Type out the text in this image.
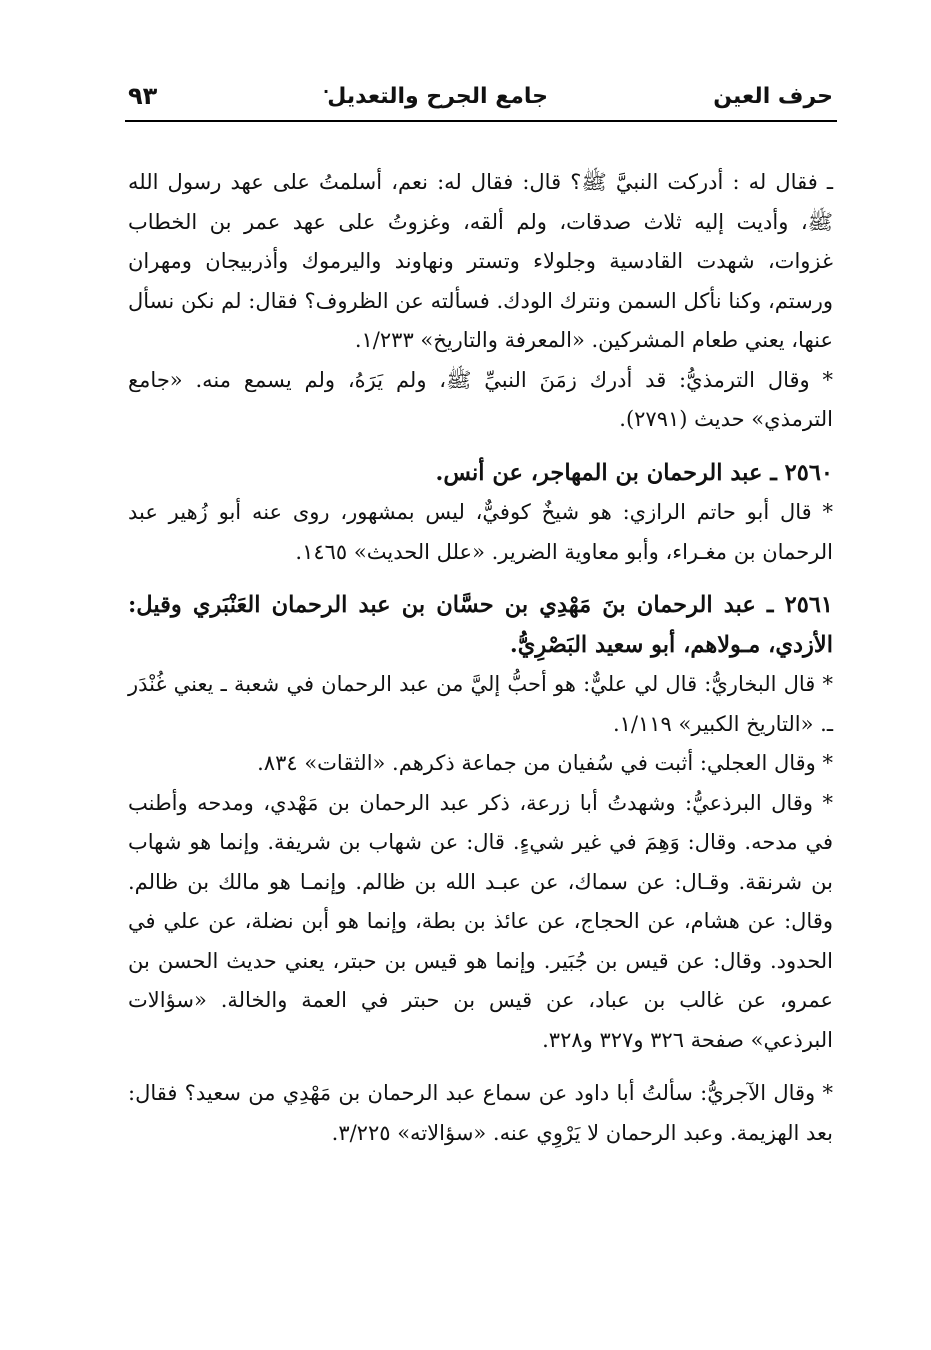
حرف العين
جامع الجرح والتعديل
.
٩٣

ـ فقال له : أدركت النبيَّ ﷺ؟ قال: فقال له: نعم، أسلمتُ على عهد رسول الله ﷺ، وأديت إليه ثلاث صدقات، ولم ألقه، وغزوتُ على عهد عمر بن الخطاب غزوات، شهدت القادسية وجلولاء وتستر ونهاوند واليرموك وأذربيجان ومهران ورستم، وكنا نأكل السمن ونترك الودك. فسألته عن الظروف؟ فقال: لم نكن نسأل عنها، يعني طعام المشركين. «المعرفة والتاريخ» ١/٢٣٣.

* وقال الترمذيُّ: قد أدرك زمَنَ النبيِّ ﷺ، ولم يَرَهُ، ولم يسمع منه. «جامع الترمذي» حديث (٢٧٩١).

٢٥٦٠ ـ عبد الرحمان بن المهاجر، عن أنس.

* قال أبو حاتم الرازي: هو شيخٌ كوفيٌّ، ليس بمشهور، روى عنه أبو زُهير عبد الرحمان بن مغـراء، وأبو معاوية الضرير. «علل الحديث» ١٤٦٥.

٢٥٦١ ـ عبد الرحمان بنَ مَهْدِي بن حسَّان بن عبد الرحمان العَنْبَري وقيل: الأزدي، مـولاهم، أبو سعيد البَصْرِيُّ.

* قال البخاريُّ: قال لي عليٌّ: هو أحبُّ إليَّ من عبد الرحمان في شعبة ـ يعني غُنْدَر ـ. «التاريخ الكبير» ١/١١٩.

* وقال العجلي: أثبت في سُفيان من جماعة ذكرهم. «الثقات» ٨٣٤.

* وقال البرذعيُّ: وشهدتُ أبا زرعة، ذكر عبد الرحمان بن مَهْدي، ومدحه وأطنب في مدحه. وقال: وَهِمَ في غير شيءٍ. قال: عن شهاب بن شريفة. وإنما هو شهاب بن شرنقة. وقـال: عن سماك، عن عبـد الله بن ظالم. وإنمـا هو مالك بن ظالم. وقال: عن هشام، عن الحجاج، عن عائذ بن بطة، وإنما هو أبن نضلة، عن علي في الحدود. وقال: عن قيس بن جُبَير. وإنما هو قيس بن حبتر، يعني حديث الحسن بن عمرو، عن غالب بن عباد، عن قيس بن حبتر في العمة والخالة. «سؤالات البرذعي» صفحة ٣٢٦ و٣٢٧ و٣٢٨.

* وقال الآجريُّ: سألتُ أبا داود عن سماع عبد الرحمان بن مَهْدِي من سعيد؟ فقال: بعد الهزيمة. وعبد الرحمان لا يَرْوِي عنه. «سؤالاته» ٣/٢٢٥.
